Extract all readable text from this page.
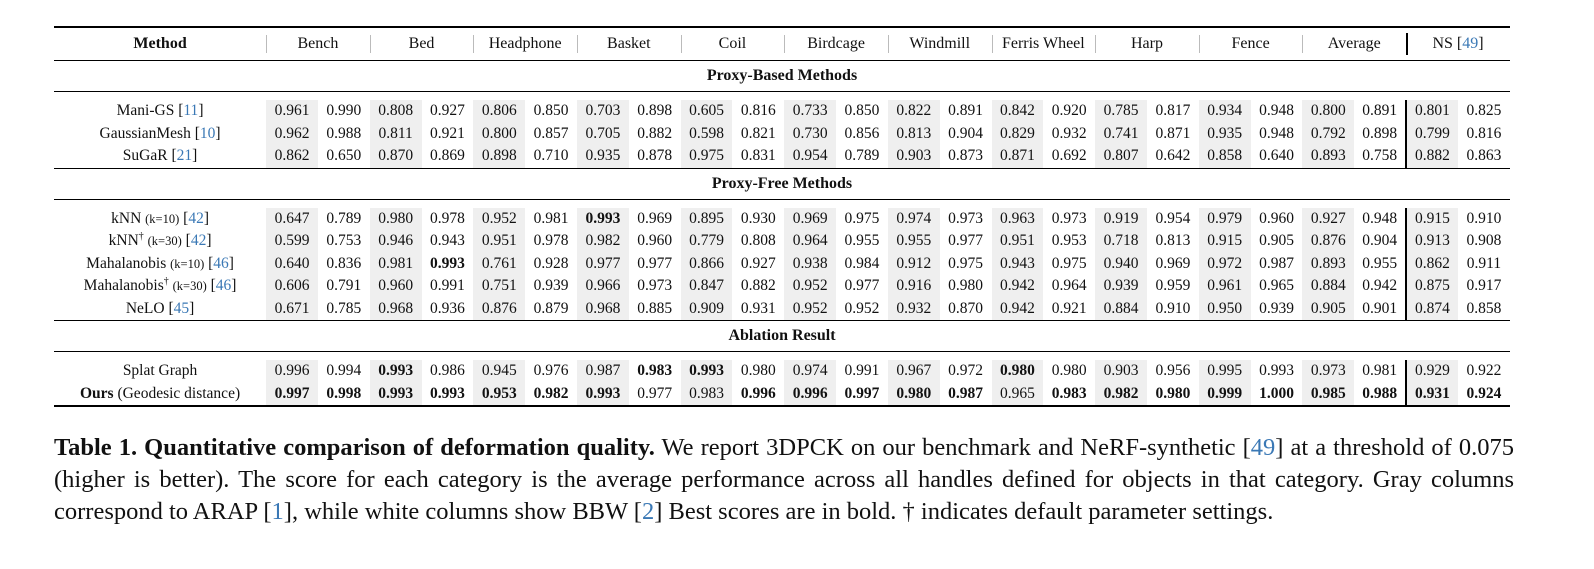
Method	Bench		Bed		Headphone		Basket		Coil		Birdcage		Windmill		Ferris Wheel		Harp		Fence		Average		NS [49]	

Proxy-Based Methods																								

Mani-GS [11]	0.961	0.990	0.808	0.927	0.806	0.850	0.703	0.898	0.605	0.816	0.733	0.850	0.822	0.891	0.842	0.920	0.785	0.817	0.934	0.948	0.800	0.891	0.801	0.825
GaussianMesh [10]	0.962	0.988	0.811	0.921	0.800	0.857	0.705	0.882	0.598	0.821	0.730	0.856	0.813	0.904	0.829	0.932	0.741	0.871	0.935	0.948	0.792	0.898	0.799	0.816
SuGaR [21]	0.862	0.650	0.870	0.869	0.898	0.710	0.935	0.878	0.975	0.831	0.954	0.789	0.903	0.873	0.871	0.692	0.807	0.642	0.858	0.640	0.893	0.758	0.882	0.863
Proxy-Free Methods																								

kNN (k=10) [42]	0.647	0.789	0.980	0.978	0.952	0.981	0.993	0.969	0.895	0.930	0.969	0.975	0.974	0.973	0.963	0.973	0.919	0.954	0.979	0.960	0.927	0.948	0.915	0.910
kNN† (k=30) [42]	0.599	0.753	0.946	0.943	0.951	0.978	0.982	0.960	0.779	0.808	0.964	0.955	0.955	0.977	0.951	0.953	0.718	0.813	0.915	0.905	0.876	0.904	0.913	0.908
Mahalanobis (k=10) [46]	0.640	0.836	0.981	0.993	0.761	0.928	0.977	0.977	0.866	0.927	0.938	0.984	0.912	0.975	0.943	0.975	0.940	0.969	0.972	0.987	0.893	0.955	0.862	0.911
Mahalanobis† (k=30) [46]	0.606	0.791	0.960	0.991	0.751	0.939	0.966	0.973	0.847	0.882	0.952	0.977	0.916	0.980	0.942	0.964	0.939	0.959	0.961	0.965	0.884	0.942	0.875	0.917
NeLO [45]	0.671	0.785	0.968	0.936	0.876	0.879	0.968	0.885	0.909	0.931	0.952	0.952	0.932	0.870	0.942	0.921	0.884	0.910	0.950	0.939	0.905	0.901	0.874	0.858
Ablation Result																								

Splat Graph	0.996	0.994	0.993	0.986	0.945	0.976	0.987	0.983	0.993	0.980	0.974	0.991	0.967	0.972	0.980	0.980	0.903	0.956	0.995	0.993	0.973	0.981	0.929	0.922
Ours (Geodesic distance)	0.997	0.998	0.993	0.993	0.953	0.982	0.993	0.977	0.983	0.996	0.996	0.997	0.980	0.987	0.965	0.983	0.982	0.980	0.999	1.000	0.985	0.988	0.931	0.924
Table 1. Quantitative comparison of deformation quality. We report 3DPCK on our benchmark and NeRF-synthetic [49] at a threshold of 0.075 (higher is better). The score for each category is the average performance across all handles defined for objects in that category. Gray columns correspond to ARAP [1], while white columns show BBW [2] Best scores are in bold. † indicates default parameter settings.
